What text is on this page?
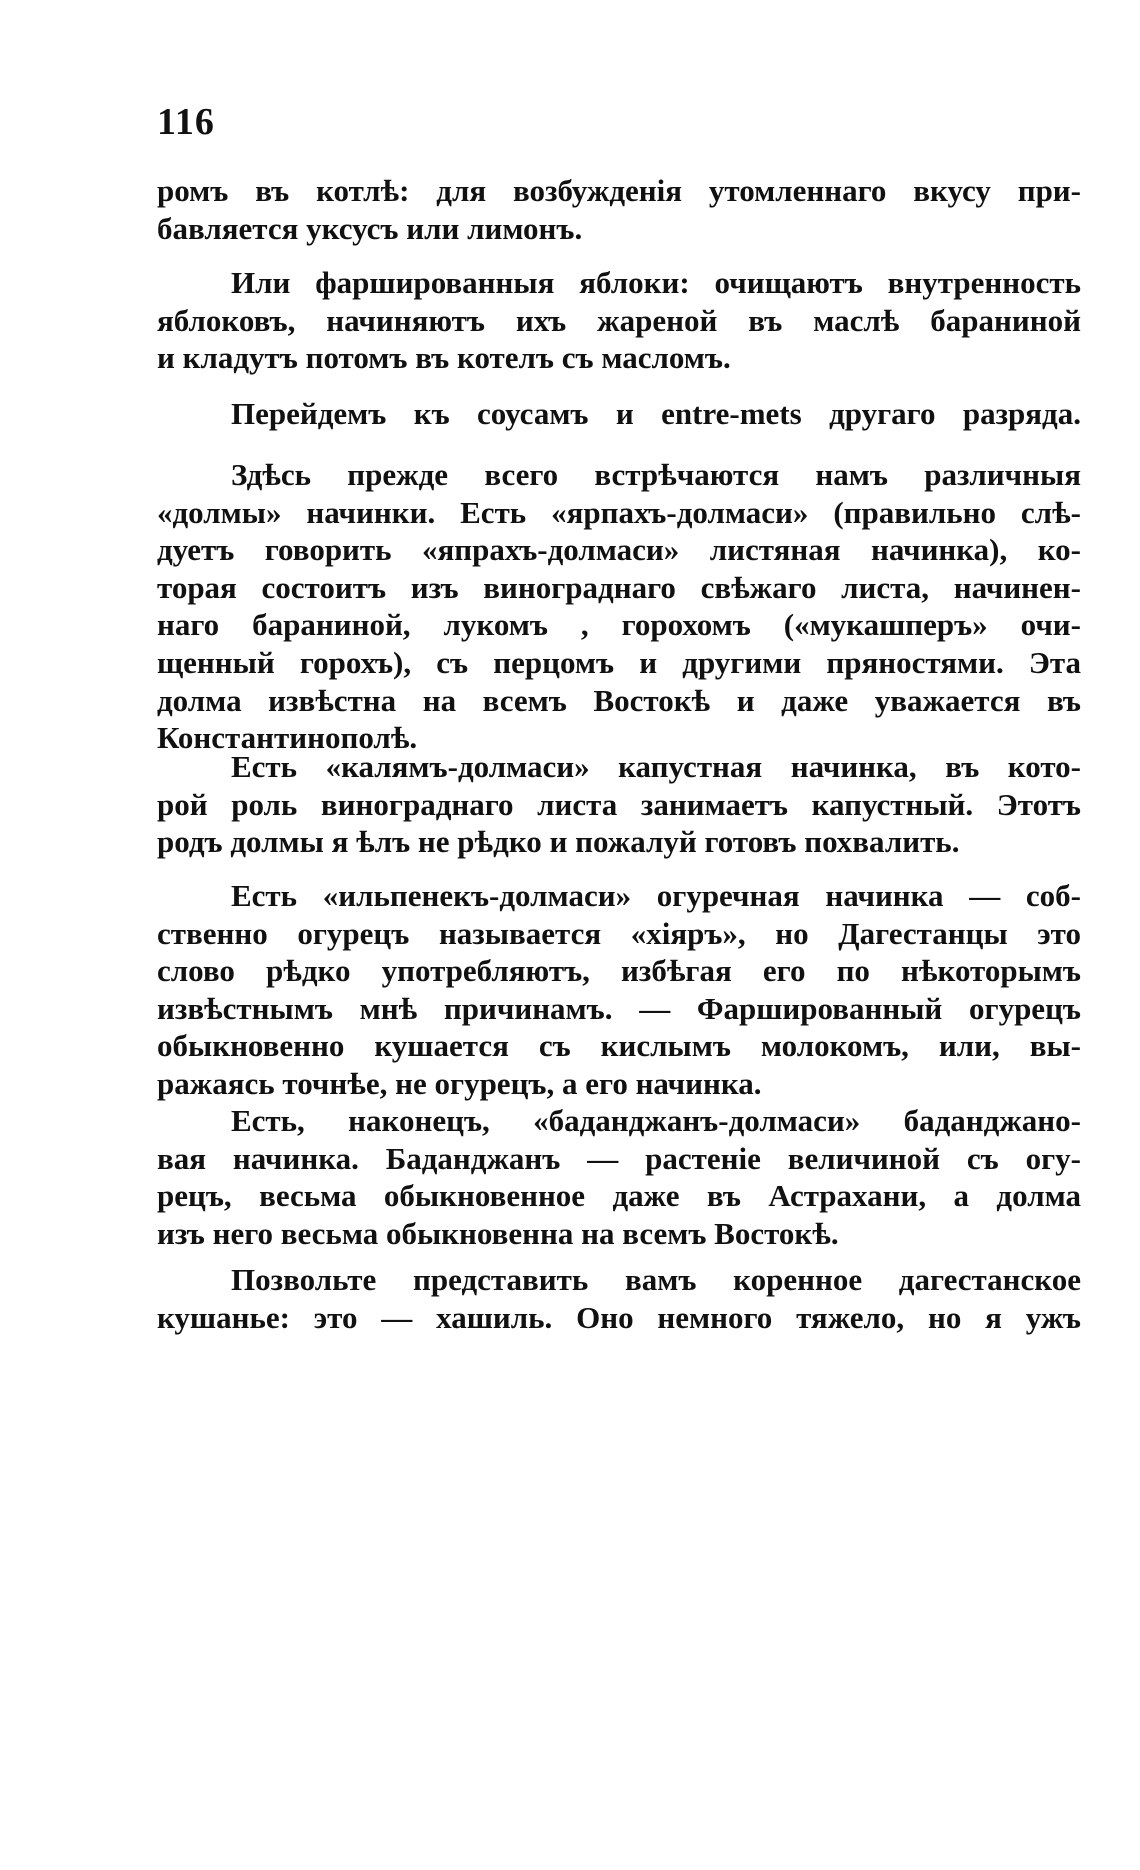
116
ромъ въ котлѣ: для возбужденія утомленнаго вкусу при-
бавляется уксусъ или лимонъ.
Или фаршированныя яблоки: очищаютъ внутренность
яблоковъ, начиняютъ ихъ жареной въ маслѣ бараниной
и кладутъ потомъ въ котелъ съ масломъ.
Перейдемъ къ соусамъ и entre-mets другаго разряда.
Здѣсь прежде всего встрѣчаются намъ различныя
«долмы» начинки. Есть «ярпахъ-долмаси» (правильно слѣ-
дуетъ говорить «япрахъ-долмаси» листяная начинка), ко-
торая состоитъ изъ винограднаго свѣжаго листа, начинен-
наго бараниной, лукомъ , горохомъ («мукашперъ» очи-
щенный горохъ), съ перцомъ и другими пряностями. Эта
долма извѣстна на всемъ Востокѣ и даже уважается въ
Константинополѣ.
Есть «калямъ-долмаси» капустная начинка, въ кото-
рой роль винограднаго листа занимаетъ капустный. Этотъ
родъ долмы я ѣлъ не рѣдко и пожалуй готовъ похвалить.
Есть «ильпенекъ-долмаси» огуречная начинка — соб-
ственно огурецъ называется «хіяръ», но Дагестанцы это
слово рѣдко употребляютъ, избѣгая его по нѣкоторымъ
извѣстнымъ мнѣ причинамъ. — Фаршированный огурецъ
обыкновенно кушается съ кислымъ молокомъ, или, вы-
ражаясь точнѣе, не огурецъ, а его начинка.
Есть, наконецъ, «баданджанъ-долмаси» баданджано-
вая начинка. Баданджанъ — растеніе величиной съ огу-
рецъ, весьма обыкновенное даже въ Астрахани, а долма
изъ него весьма обыкновенна на всемъ Востокѣ.
Позвольте представить вамъ коренное дагестанское
кушанье: это — хашиль. Оно немного тяжело, но я ужъ
